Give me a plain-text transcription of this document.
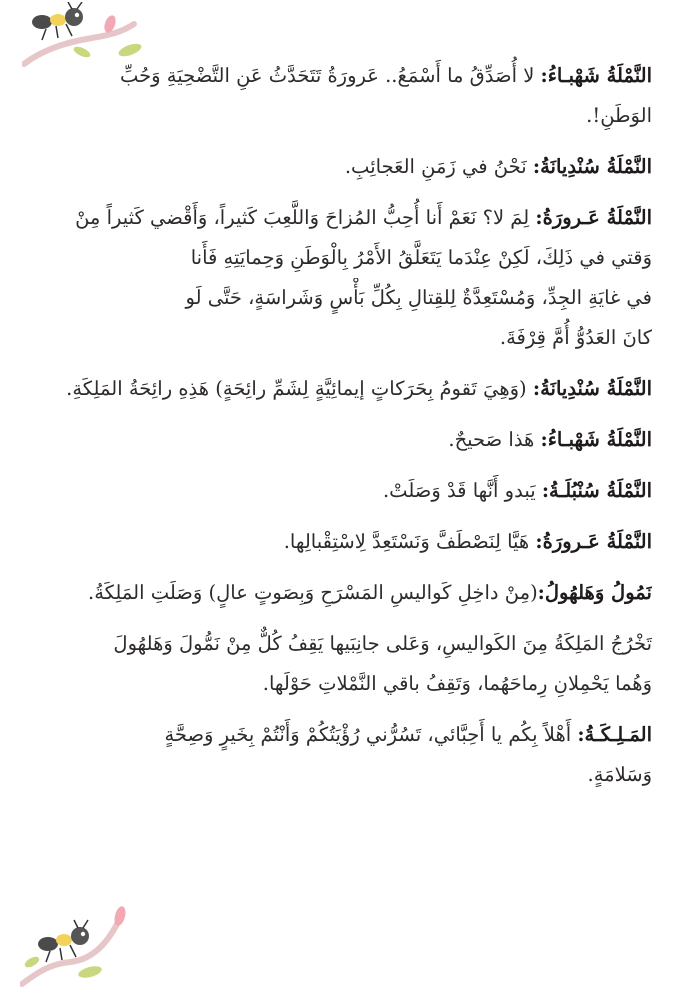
النَّمْلَةُ شَهْبـاءُ: لا أُصَدِّقُ ما أَسْمَعُ.. عَرورَةُ تَتَحَدَّثُ عَنِ التَّضْحِيَةِ وَحُبِّ
الوَطَنِ!.
النَّمْلَةُ سُنْدِيانَةُ: نَحْنُ في زَمَنِ العَجائِبِ.
النَّمْلَةُ عَـرورَةُ: لِمَ لا؟ نَعَمْ أَنا أُحِبُّ المُزاحَ وَاللَّعِبَ كَثيراً، وَأَقْضي كَثيراً مِنْ
وَقتي في ذَلِكَ، لَكِنْ عِنْدَما يَتَعَلَّقُ الأَمْرُ بِالْوَطَنِ وَحِمايَتِهِ فَأَنا
في غايَةِ الجِدِّ، وَمُسْتَعِدَّةٌ لِلقِتالِ بِكُلِّ بَأْسٍ وَشَراسَةٍ، حَتَّى لَو
كانَ العَدُوُّ أُمَّ قِرْفَةَ.
النَّمْلَةُ سُنْدِيانَةُ: (وَهِيَ تَقومُ بِحَرَكاتٍ إيمائِيَّةٍ لِشَمِّ رائِحَةٍ) هَذِهِ رائِحَةُ المَلِكَةِ.
النَّمْلَةُ شَهْبـاءُ: هَذا صَحيحٌ.
النَّمْلَةُ سُنْبُلَـةُ: يَبدو أَنَّها قَدْ وَصَلَتْ.
النَّمْلَةُ عَـرورَةُ: هَيَّا لِنَصْطَفَّ وَنَسْتَعِدَّ لِاسْتِقْبالِها.
نَمُولُ وَهَلهُولُ:(مِنْ داخِلِ كَواليسِ المَسْرَحِ وَبِصَوتٍ عالٍ) وَصَلَتِ المَلِكَةُ.
تَخْرُجُ المَلِكَةُ مِنَ الكَواليسِ، وَعَلى جانِبَيها يَقِفُ كُلٌّ مِنْ نَمُّولَ وَهَلهُولَ
وَهُما يَحْمِلانِ رِماحَهُما، وَتَقِفُ باقي النَّمْلاتِ حَوْلَها.
المَـلِـكَـةُ: أَهْلاً بِكُم يا أَحِبَّائي، تَسُرُّني رُؤْيَتُكُمْ وَأَنْتُمْ بِخَيرٍ وَصِحَّةٍ
وَسَلامَةٍ.
